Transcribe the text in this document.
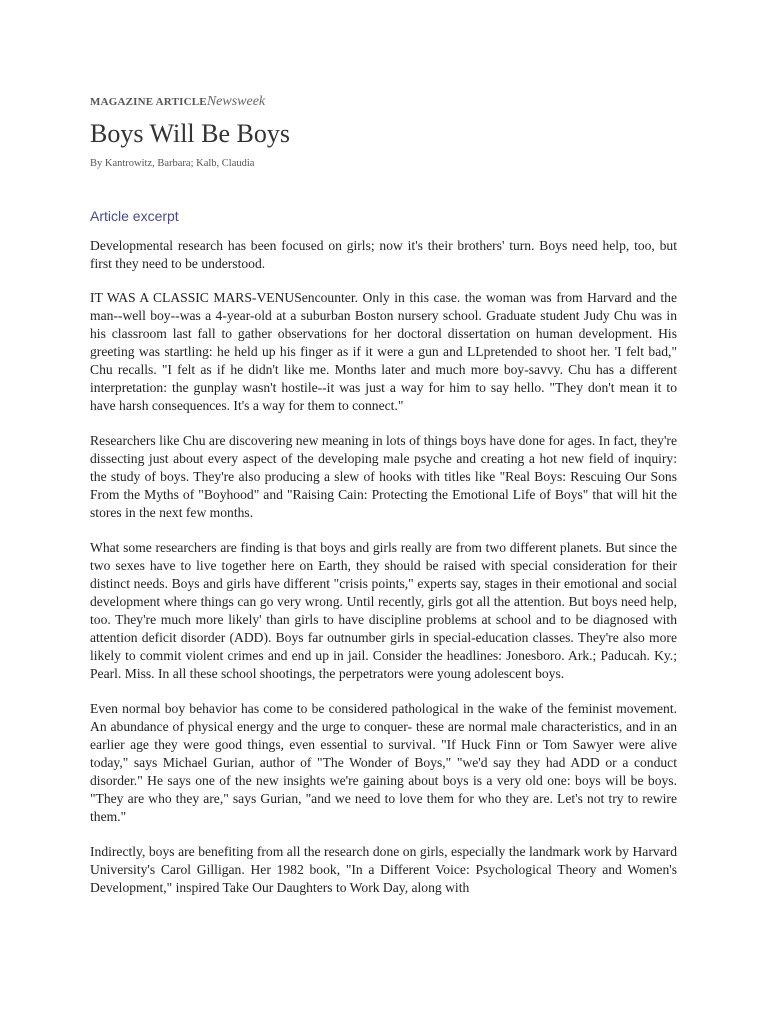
MAGAZINE ARTICLENewsweek
Boys Will Be Boys
By Kantrowitz, Barbara; Kalb, Claudia
Article excerpt

Developmental research has been focused on girls; now it's their brothers' turn. Boys need help, too, but first they need to be understood.

IT WAS A CLASSIC MARS-VENUSencounter. Only in this case. the woman was from Harvard and the man--well boy--was a 4-year-old at a suburban Boston nursery school. Graduate student Judy Chu was in his classroom last fall to gather observations for her doctoral dissertation on human development. His greeting was startling: he held up his finger as if it were a gun and LLpretended to shoot her. 'I felt bad," Chu recalls. "I felt as if he didn't like me. Months later and much more boy-savvy. Chu has a different interpretation: the gunplay wasn't hostile--it was just a way for him to say hello. "They don't mean it to have harsh consequences. It's a way for them to connect."

Researchers like Chu are discovering new meaning in lots of things boys have done for ages. In fact, they're dissecting just about every aspect of the developing male psyche and creating a hot new field of inquiry: the study of boys. They're also producing a slew of hooks with titles like "Real Boys: Rescuing Our Sons From the Myths of "Boyhood" and "Raising Cain: Protecting the Emotional Life of Boys" that will hit the stores in the next few months.

What some researchers are finding is that boys and girls really are from two different planets. But since the two sexes have to live together here on Earth, they should be raised with special consideration for their distinct needs. Boys and girls have different "crisis points," experts say, stages in their emotional and social development where things can go very wrong. Until recently, girls got all the attention. But boys need help, too. They're much more likely' than girls to have discipline problems at school and to be diagnosed with attention deficit disorder (ADD). Boys far outnumber girls in special-education classes. They're also more likely to commit violent crimes and end up in jail. Consider the headlines: Jonesboro. Ark.; Paducah. Ky.; Pearl. Miss. In all these school shootings, the perpetrators were young adolescent boys.

Even normal boy behavior has come to be considered pathological in the wake of the feminist movement. An abundance of physical energy and the urge to conquer- these are normal male characteristics, and in an earlier age they were good things, even essential to survival. "If Huck Finn or Tom Sawyer were alive today," says Michael Gurian, author of "The Wonder of Boys," "we'd say they had ADD or a conduct disorder." He says one of the new insights we're gaining about boys is a very old one: boys will be boys. "They are who they are," says Gurian, "and we need to love them for who they are. Let's not try to rewire them."

Indirectly, boys are benefiting from all the research done on girls, especially the landmark work by Harvard University's Carol Gilligan. Her 1982 book, "In a Different Voice: Psychological Theory and Women's Development," inspired Take Our Daughters to Work Day, along with
